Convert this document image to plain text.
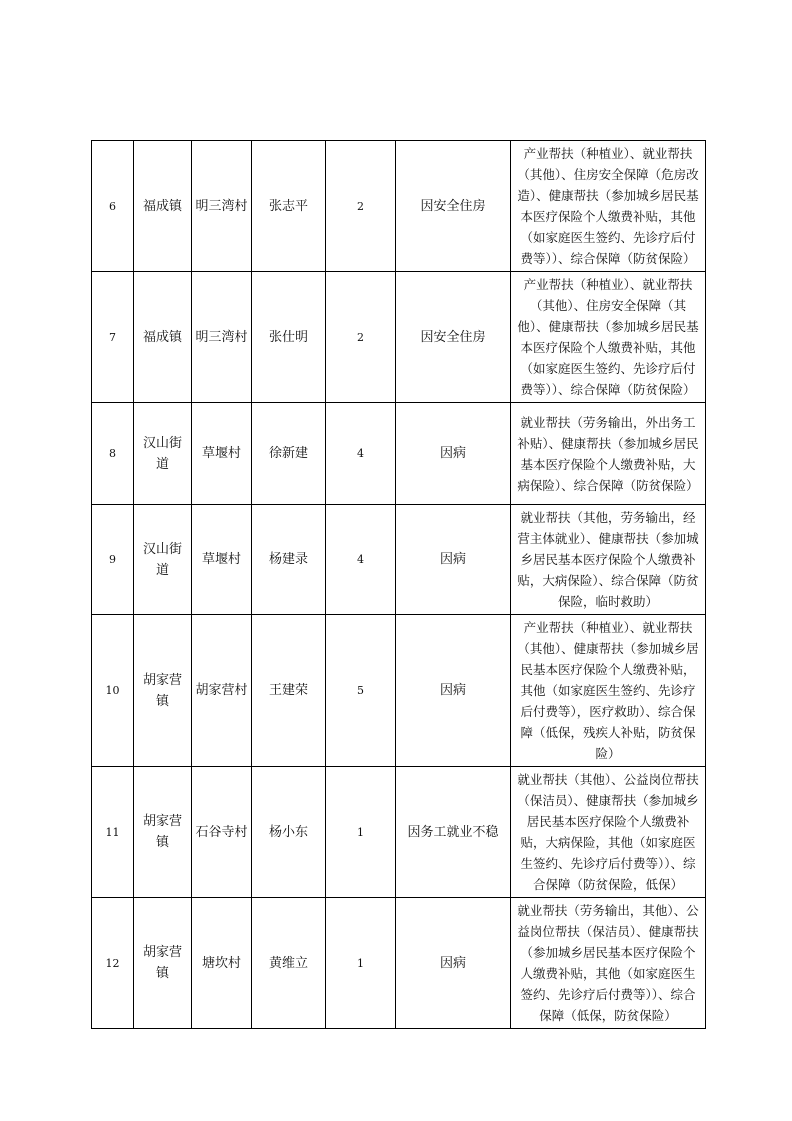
6	福成镇	明三湾村	张志平	2	因安全住房	产业帮扶（种植业）、就业帮扶（其他）、住房安全保障（危房改造）、健康帮扶（参加城乡居民基本医疗保险个人缴费补贴，其他（如家庭医生签约、先诊疗后付费等））、综合保障（防贫保险）
7	福成镇	明三湾村	张仕明	2	因安全住房	产业帮扶（种植业）、就业帮扶（其他）、住房安全保障（其他）、健康帮扶（参加城乡居民基本医疗保险个人缴费补贴，其他（如家庭医生签约、先诊疗后付费等））、综合保障（防贫保险）
8	汉山街道	草堰村	徐新建	4	因病	就业帮扶（劳务输出，外出务工补贴）、健康帮扶（参加城乡居民基本医疗保险个人缴费补贴，大病保险）、综合保障（防贫保险）
9	汉山街道	草堰村	杨建录	4	因病	就业帮扶（其他，劳务输出，经营主体就业）、健康帮扶（参加城乡居民基本医疗保险个人缴费补贴，大病保险）、综合保障（防贫保险，临时救助）
10	胡家营镇	胡家营村	王建荣	5	因病	产业帮扶（种植业）、就业帮扶（其他）、健康帮扶（参加城乡居民基本医疗保险个人缴费补贴，其他（如家庭医生签约、先诊疗后付费等），医疗救助）、综合保障（低保，残疾人补贴，防贫保险）
11	胡家营镇	石谷寺村	杨小东	1	因务工就业不稳	就业帮扶（其他）、公益岗位帮扶（保洁员）、健康帮扶（参加城乡居民基本医疗保险个人缴费补贴，大病保险，其他（如家庭医生签约、先诊疗后付费等））、综合保障（防贫保险，低保）
12	胡家营镇	塘坎村	黄维立	1	因病	就业帮扶（劳务输出，其他）、公益岗位帮扶（保洁员）、健康帮扶（参加城乡居民基本医疗保险个人缴费补贴，其他（如家庭医生签约、先诊疗后付费等））、综合保障（低保，防贫保险）
